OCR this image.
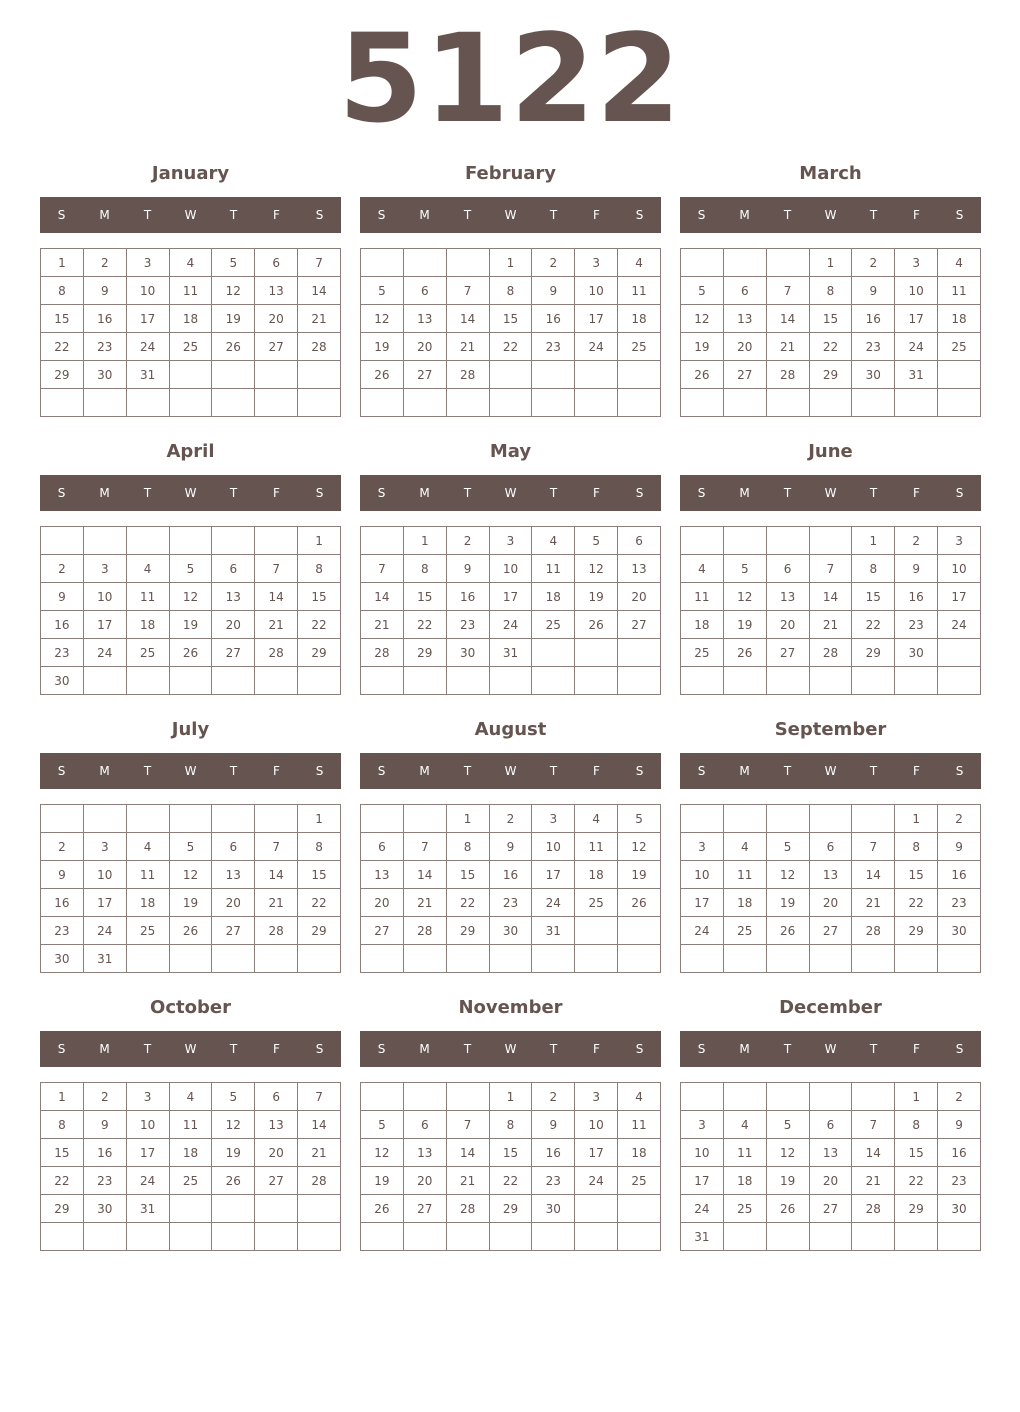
5122
January
S	M	T	W	T	F	S
1	2	3	4	5	6	7
8	9	10	11	12	13	14
15	16	17	18	19	20	21
22	23	24	25	26	27	28
29	30	31				

February
S	M	T	W	T	F	S
			1	2	3	4
5	6	7	8	9	10	11
12	13	14	15	16	17	18
19	20	21	22	23	24	25
26	27	28				

March
S	M	T	W	T	F	S
			1	2	3	4
5	6	7	8	9	10	11
12	13	14	15	16	17	18
19	20	21	22	23	24	25
26	27	28	29	30	31	

April
S	M	T	W	T	F	S
						1
2	3	4	5	6	7	8
9	10	11	12	13	14	15
16	17	18	19	20	21	22
23	24	25	26	27	28	29
30						
May
S	M	T	W	T	F	S
	1	2	3	4	5	6
7	8	9	10	11	12	13
14	15	16	17	18	19	20
21	22	23	24	25	26	27
28	29	30	31			

June
S	M	T	W	T	F	S
				1	2	3
4	5	6	7	8	9	10
11	12	13	14	15	16	17
18	19	20	21	22	23	24
25	26	27	28	29	30	

July
S	M	T	W	T	F	S
						1
2	3	4	5	6	7	8
9	10	11	12	13	14	15
16	17	18	19	20	21	22
23	24	25	26	27	28	29
30	31					
August
S	M	T	W	T	F	S
		1	2	3	4	5
6	7	8	9	10	11	12
13	14	15	16	17	18	19
20	21	22	23	24	25	26
27	28	29	30	31		

September
S	M	T	W	T	F	S
					1	2
3	4	5	6	7	8	9
10	11	12	13	14	15	16
17	18	19	20	21	22	23
24	25	26	27	28	29	30

October
S	M	T	W	T	F	S
1	2	3	4	5	6	7
8	9	10	11	12	13	14
15	16	17	18	19	20	21
22	23	24	25	26	27	28
29	30	31				

November
S	M	T	W	T	F	S
			1	2	3	4
5	6	7	8	9	10	11
12	13	14	15	16	17	18
19	20	21	22	23	24	25
26	27	28	29	30		

December
S	M	T	W	T	F	S
					1	2
3	4	5	6	7	8	9
10	11	12	13	14	15	16
17	18	19	20	21	22	23
24	25	26	27	28	29	30
31						
